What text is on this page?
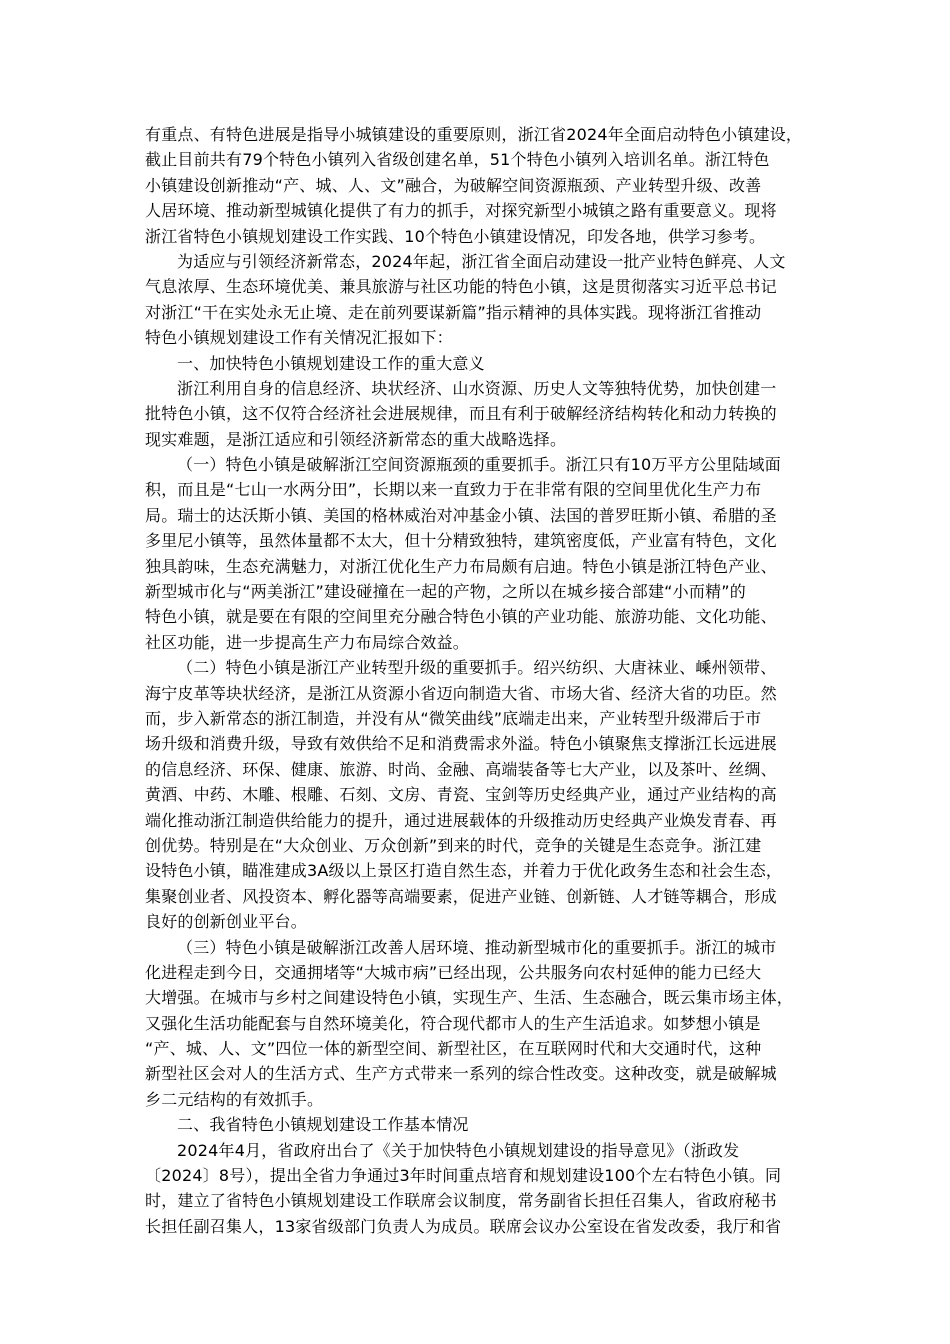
有重点、有特色进展是指导小城镇建设的重要原则，浙江省2024年全面启动特色小镇建设，
截止目前共有79个特色小镇列入省级创建名单，51个特色小镇列入培训名单。浙江特色
小镇建设创新推动“产、城、人、文”融合，为破解空间资源瓶颈、产业转型升级、改善
人居环境、推动新型城镇化提供了有力的抓手，对探究新型小城镇之路有重要意义。现将
浙江省特色小镇规划建设工作实践、10个特色小镇建设情况，印发各地，供学习参考。
为适应与引领经济新常态，2024年起，浙江省全面启动建设一批产业特色鲜亮、人文
气息浓厚、生态环境优美、兼具旅游与社区功能的特色小镇，这是贯彻落实习近平总书记
对浙江“干在实处永无止境、走在前列要谋新篇”指示精神的具体实践。现将浙江省推动
特色小镇规划建设工作有关情况汇报如下：
一、加快特色小镇规划建设工作的重大意义
浙江利用自身的信息经济、块状经济、山水资源、历史人文等独特优势，加快创建一
批特色小镇，这不仅符合经济社会进展规律，而且有利于破解经济结构转化和动力转换的
现实难题，是浙江适应和引领经济新常态的重大战略选择。
（一）特色小镇是破解浙江空间资源瓶颈的重要抓手。浙江只有10万平方公里陆域面
积，而且是“七山一水两分田”，长期以来一直致力于在非常有限的空间里优化生产力布
局。瑞士的达沃斯小镇、美国的格林威治对冲基金小镇、法国的普罗旺斯小镇、希腊的圣
多里尼小镇等，虽然体量都不太大，但十分精致独特，建筑密度低，产业富有特色，文化
独具韵味，生态充满魅力，对浙江优化生产力布局颇有启迪。特色小镇是浙江特色产业、
新型城市化与“两美浙江”建设碰撞在一起的产物，之所以在城乡接合部建“小而精”的
特色小镇，就是要在有限的空间里充分融合特色小镇的产业功能、旅游功能、文化功能、
社区功能，进一步提高生产力布局综合效益。
（二）特色小镇是浙江产业转型升级的重要抓手。绍兴纺织、大唐袜业、嵊州领带、
海宁皮革等块状经济，是浙江从资源小省迈向制造大省、市场大省、经济大省的功臣。然
而，步入新常态的浙江制造，并没有从“微笑曲线”底端走出来，产业转型升级滞后于市
场升级和消费升级，导致有效供给不足和消费需求外溢。特色小镇聚焦支撑浙江长远进展
的信息经济、环保、健康、旅游、时尚、金融、高端装备等七大产业，以及茶叶、丝绸、
黄酒、中药、木雕、根雕、石刻、文房、青瓷、宝剑等历史经典产业，通过产业结构的高
端化推动浙江制造供给能力的提升，通过进展载体的升级推动历史经典产业焕发青春、再
创优势。特别是在“大众创业、万众创新”到来的时代，竞争的关键是生态竞争。浙江建
设特色小镇，瞄准建成3A级以上景区打造自然生态，并着力于优化政务生态和社会生态，
集聚创业者、风投资本、孵化器等高端要素，促进产业链、创新链、人才链等耦合，形成
良好的创新创业平台。
（三）特色小镇是破解浙江改善人居环境、推动新型城市化的重要抓手。浙江的城市
化进程走到今日，交通拥堵等“大城市病”已经出现，公共服务向农村延伸的能力已经大
大增强。在城市与乡村之间建设特色小镇，实现生产、生活、生态融合，既云集市场主体，
又强化生活功能配套与自然环境美化，符合现代都市人的生产生活追求。如梦想小镇是
“产、城、人、文”四位一体的新型空间、新型社区，在互联网时代和大交通时代，这种
新型社区会对人的生活方式、生产方式带来一系列的综合性改变。这种改变，就是破解城
乡二元结构的有效抓手。
二、我省特色小镇规划建设工作基本情况
2024年4月，省政府出台了《关于加快特色小镇规划建设的指导意见》（浙政发
〔2024〕8号），提出全省力争通过3年时间重点培育和规划建设100个左右特色小镇。同
时，建立了省特色小镇规划建设工作联席会议制度，常务副省长担任召集人，省政府秘书
长担任副召集人，13家省级部门负责人为成员。联席会议办公室设在省发改委，我厅和省
